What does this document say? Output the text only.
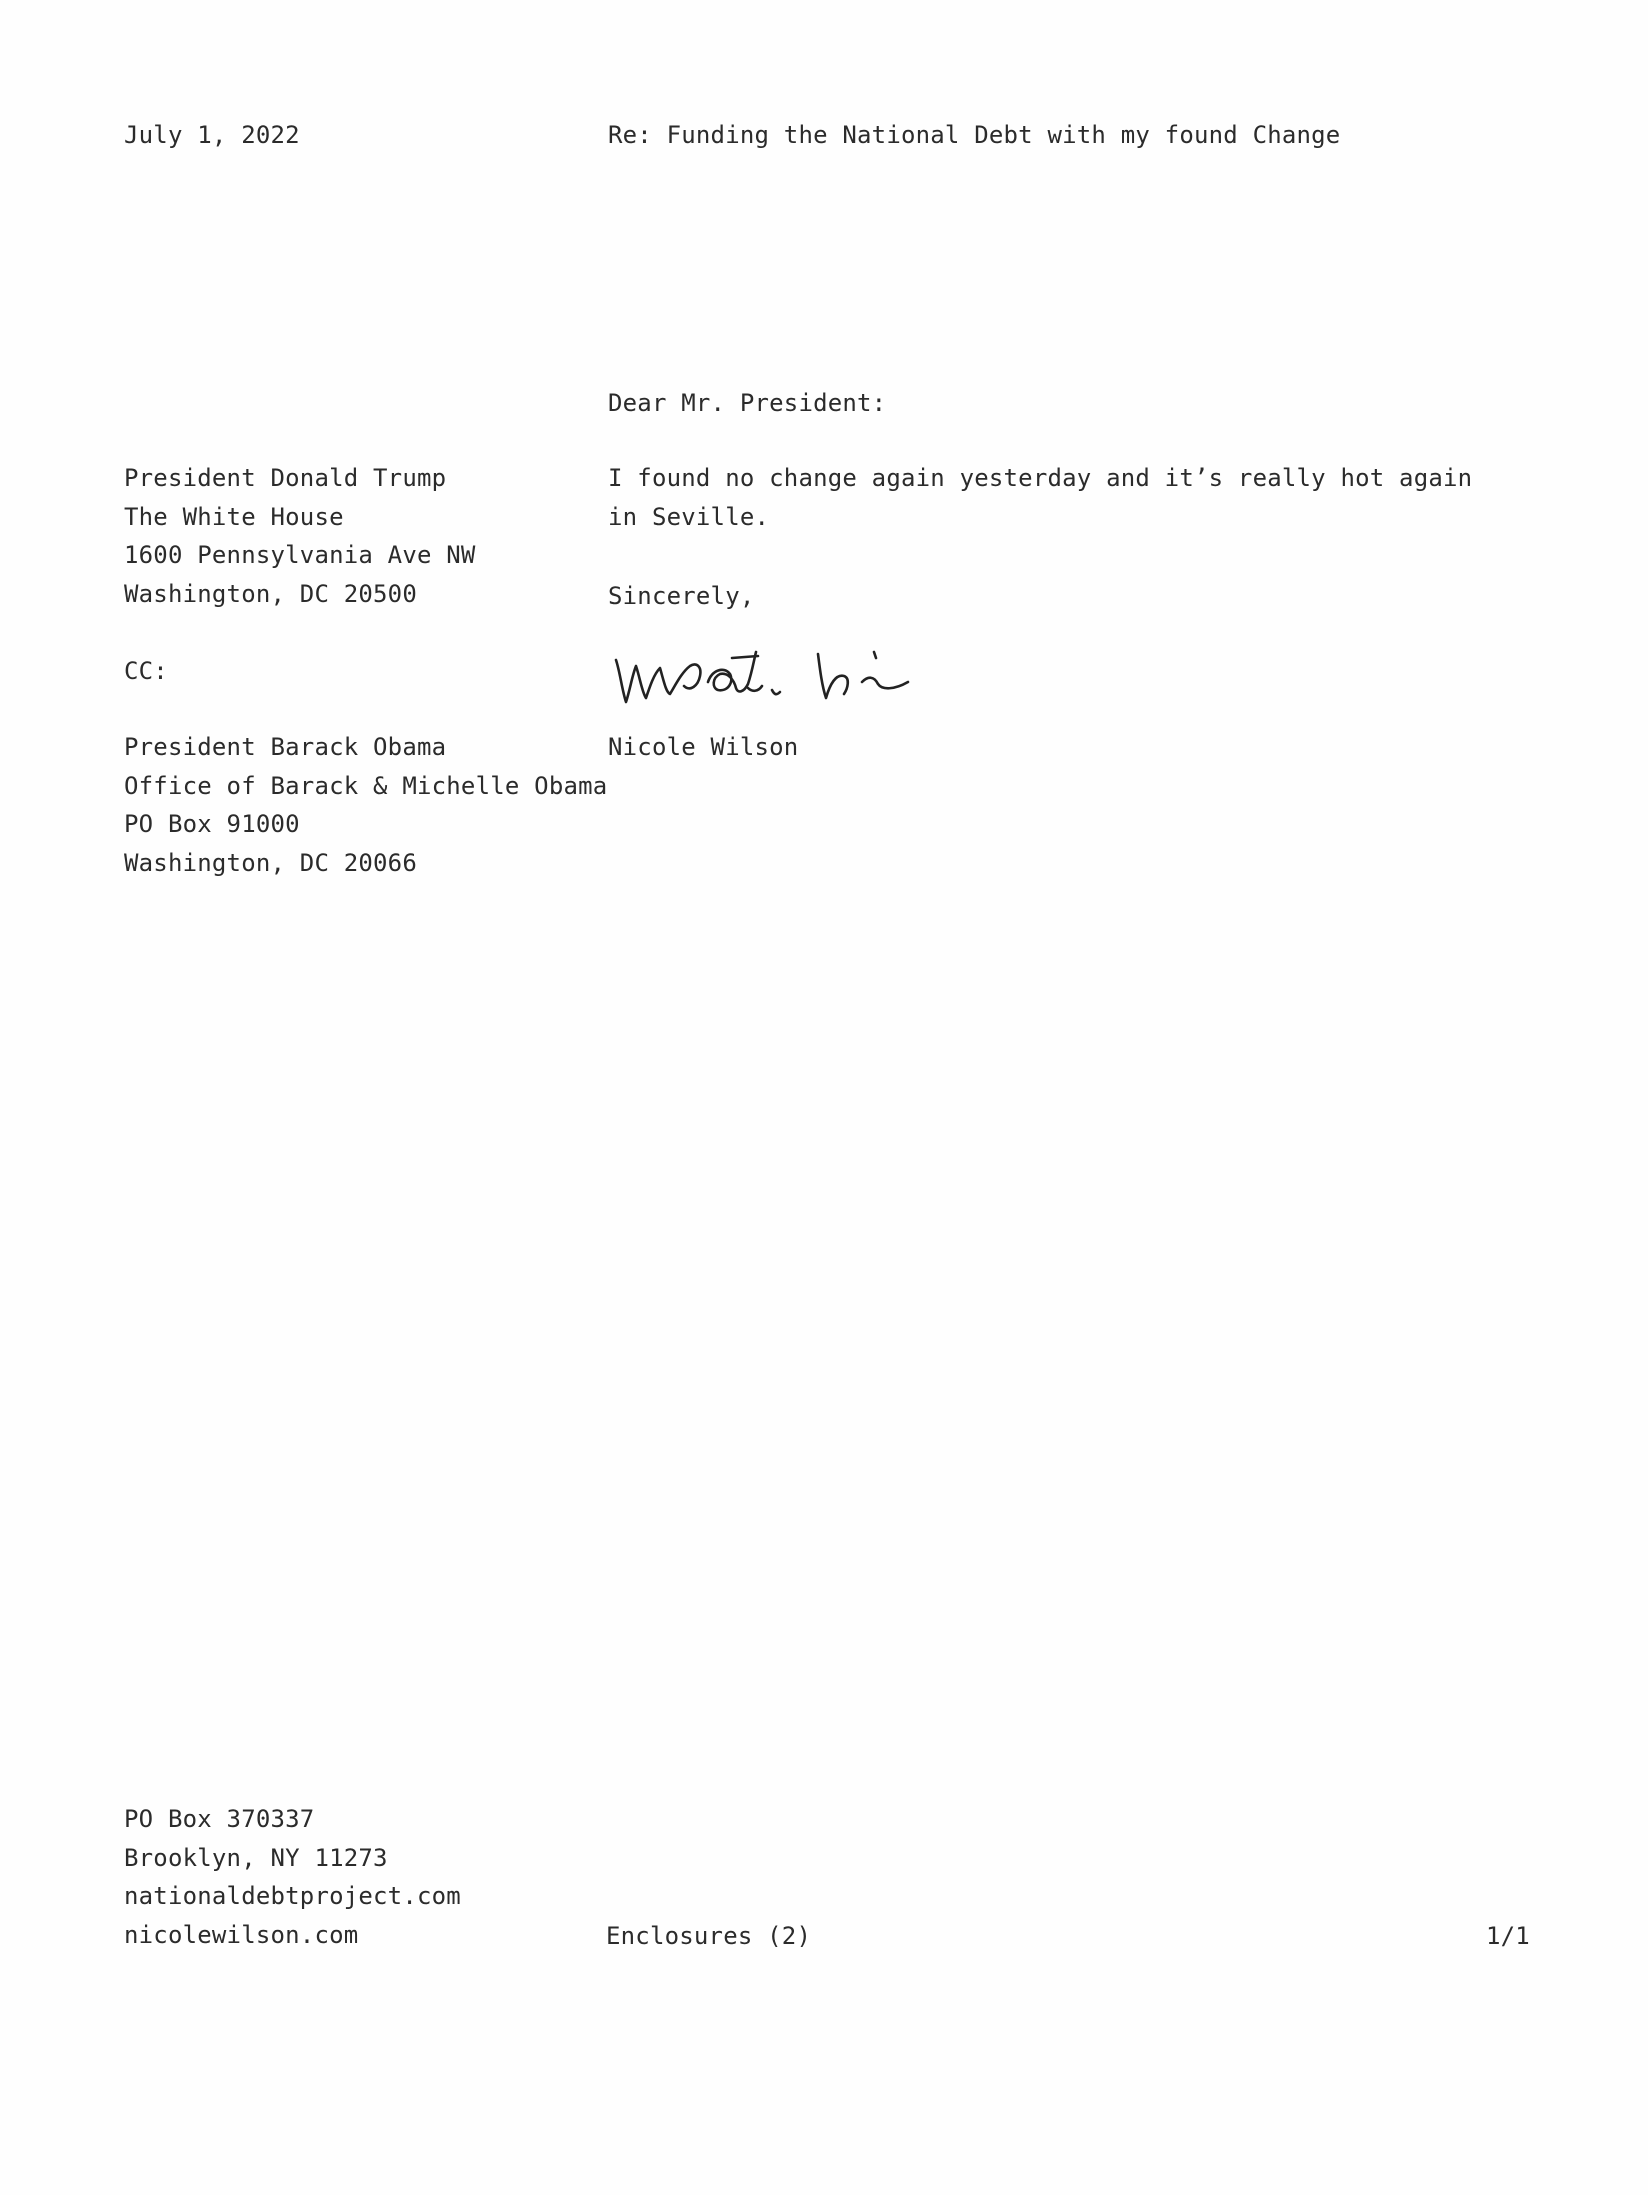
July 1, 2022	Re: Funding the National Debt with my found Change
Dear Mr. President:
President Donald Trump
The White House
1600 Pennsylvania Ave NW
Washington, DC 20500
I found no change again yesterday and it’s really hot again in Seville.
Sincerely,
CC:
Nicole Wilson
President Barack Obama
Office of Barack & Michelle Obama
PO Box 91000
Washington, DC 20066
PO Box 370337
Brooklyn, NY 11273
nationaldebtproject.com
nicolewilson.com	Enclosures (2)	1/1
